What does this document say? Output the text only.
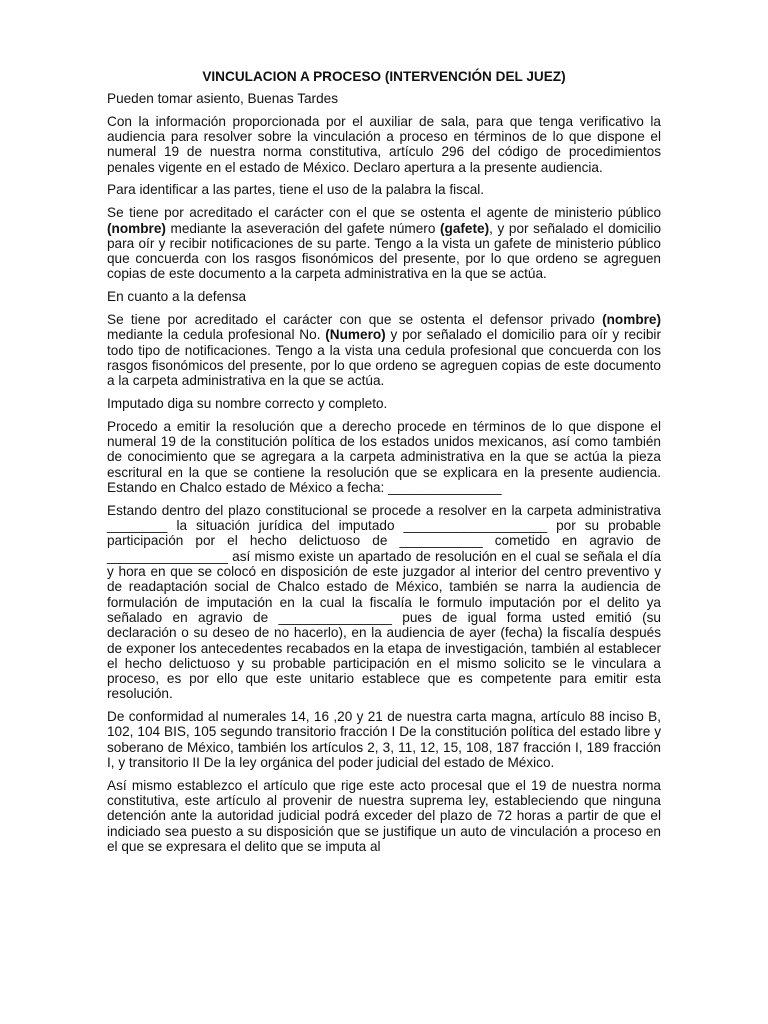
VINCULACION A PROCESO (INTERVENCIÓN DEL JUEZ)

Pueden tomar asiento, Buenas Tardes

Con la información proporcionada por el auxiliar de sala, para que tenga verificativo la audiencia para resolver sobre la vinculación a proceso en términos de lo que dispone el numeral 19 de nuestra norma constitutiva, artículo 296 del código de procedimientos penales vigente en el estado de México. Declaro apertura a la presente audiencia.

Para identificar a las partes, tiene el uso de la palabra la fiscal.

Se tiene por acreditado el carácter con el que se ostenta el agente de ministerio público (nombre) mediante la aseveración del gafete número (gafete), y por señalado el domicilio para oír y recibir notificaciones de su parte. Tengo a la vista un gafete de ministerio público que concuerda con los rasgos fisonómicos del presente, por lo que ordeno se agreguen copias de este documento a la carpeta administrativa en la que se actúa.

En cuanto a la defensa

Se tiene por acreditado el carácter con que se ostenta el defensor privado (nombre) mediante la cedula profesional No. (Numero) y por señalado el domicilio para oír y recibir todo tipo de notificaciones. Tengo a la vista una cedula profesional que concuerda con los rasgos fisonómicos del presente, por lo que ordeno se agreguen copias de este documento a la carpeta administrativa en la que se actúa.

Imputado diga su nombre correcto y completo.

Procedo a emitir la resolución que a derecho procede en términos de lo que dispone el numeral 19 de la constitución política de los estados unidos mexicanos, así como también de conocimiento que se agregara a la carpeta administrativa en la que se actúa la pieza escritural en la que se contiene la resolución que se explicara en la presente audiencia. Estando en Chalco estado de México a fecha: _______________

Estando dentro del plazo constitucional se procede a resolver en la carpeta administrativa ________ la situación jurídica del imputado ___________________ por su probable participación por el hecho delictuoso de ___________ cometido en agravio de ________________ así mismo existe un apartado de resolución en el cual se señala el día y hora en que se colocó en disposición de este juzgador al interior del centro preventivo y de readaptación social de Chalco estado de México, también se narra la audiencia de formulación de imputación en la cual la fiscalía le formulo imputación por el delito ya señalado en agravio de _______________ pues de igual forma usted emitió (su declaración o su deseo de no hacerlo), en la audiencia de ayer (fecha) la fiscalía después de exponer los antecedentes recabados en la etapa de investigación, también al establecer el hecho delictuoso y su probable participación en el mismo solicito se le vinculara a proceso, es por ello que este unitario establece que es competente para emitir esta resolución.

De conformidad al numerales 14, 16 ,20 y 21 de nuestra carta magna, artículo 88 inciso B, 102, 104 BIS, 105 segundo transitorio fracción I De la constitución política del estado libre y soberano de México, también los artículos 2, 3, 11, 12, 15, 108, 187 fracción I, 189 fracción I, y transitorio II De la ley orgánica del poder judicial del estado de México.

Así mismo establezco el artículo que rige este acto procesal que el 19 de nuestra norma constitutiva, este artículo al provenir de nuestra suprema ley, estableciendo que ninguna detención ante la autoridad judicial podrá exceder del plazo de 72 horas a partir de que el indiciado sea puesto a su disposición que se justifique un auto de vinculación a proceso en el que se expresara el delito que se imputa al
